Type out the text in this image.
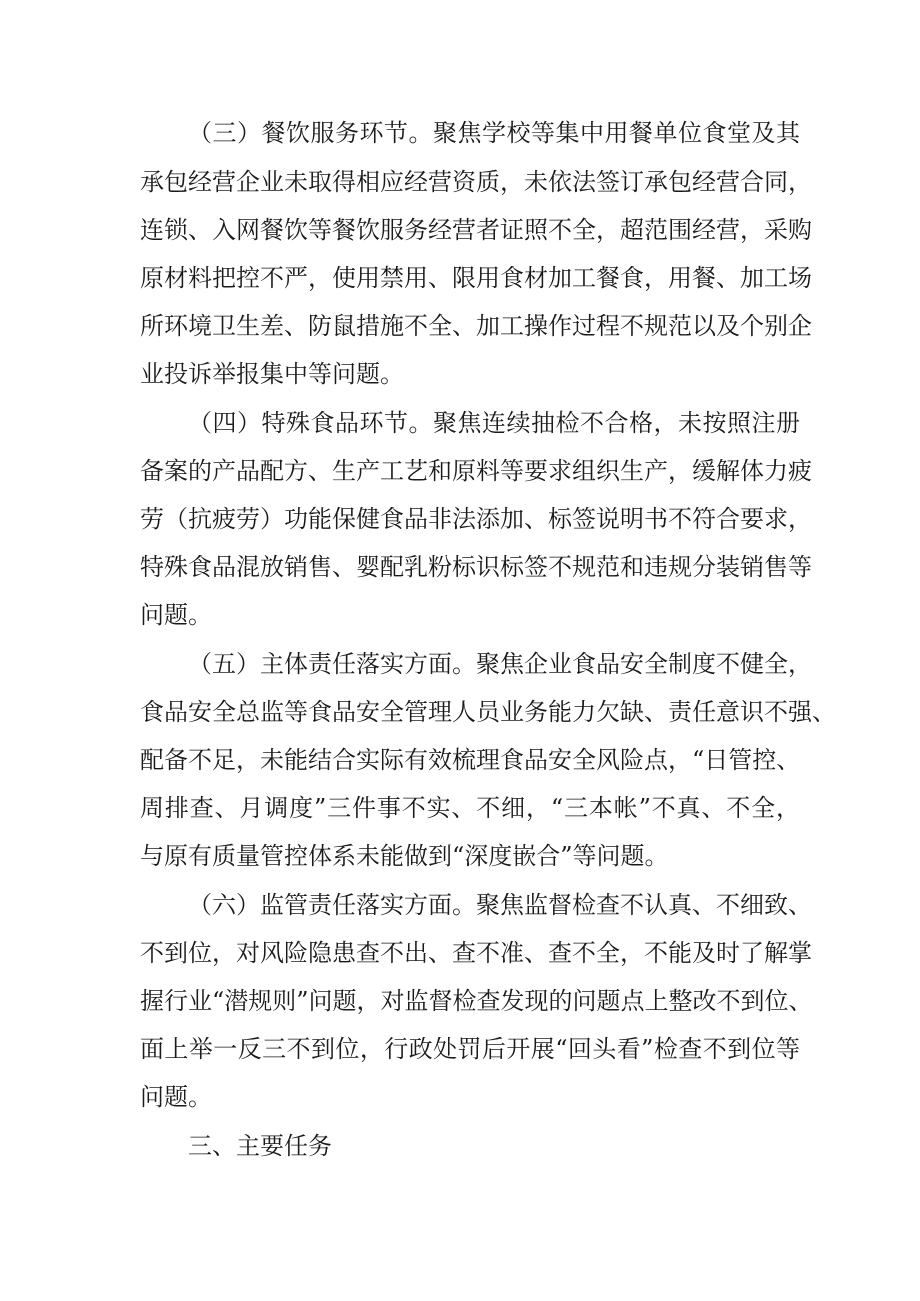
（三）餐饮服务环节。聚焦学校等集中用餐单位食堂及其
承包经营企业未取得相应经营资质，未依法签订承包经营合同，
连锁、入网餐饮等餐饮服务经营者证照不全，超范围经营，采购
原材料把控不严，使用禁用、限用食材加工餐食，用餐、加工场
所环境卫生差、防鼠措施不全、加工操作过程不规范以及个别企
业投诉举报集中等问题。
（四）特殊食品环节。聚焦连续抽检不合格，未按照注册
备案的产品配方、生产工艺和原料等要求组织生产，缓解体力疲
劳（抗疲劳）功能保健食品非法添加、标签说明书不符合要求，
特殊食品混放销售、婴配乳粉标识标签不规范和违规分装销售等
问题。
（五）主体责任落实方面。聚焦企业食品安全制度不健全，
食品安全总监等食品安全管理人员业务能力欠缺、责任意识不强、
配备不足，未能结合实际有效梳理食品安全风险点，“日管控、
周排查、月调度”三件事不实、不细，“三本帐”不真、不全，
与原有质量管控体系未能做到“深度嵌合”等问题。
（六）监管责任落实方面。聚焦监督检查不认真、不细致、
不到位，对风险隐患查不出、查不准、查不全，不能及时了解掌
握行业“潜规则”问题，对监督检查发现的问题点上整改不到位、
面上举一反三不到位，行政处罚后开展“回头看”检查不到位等
问题。
三、主要任务
